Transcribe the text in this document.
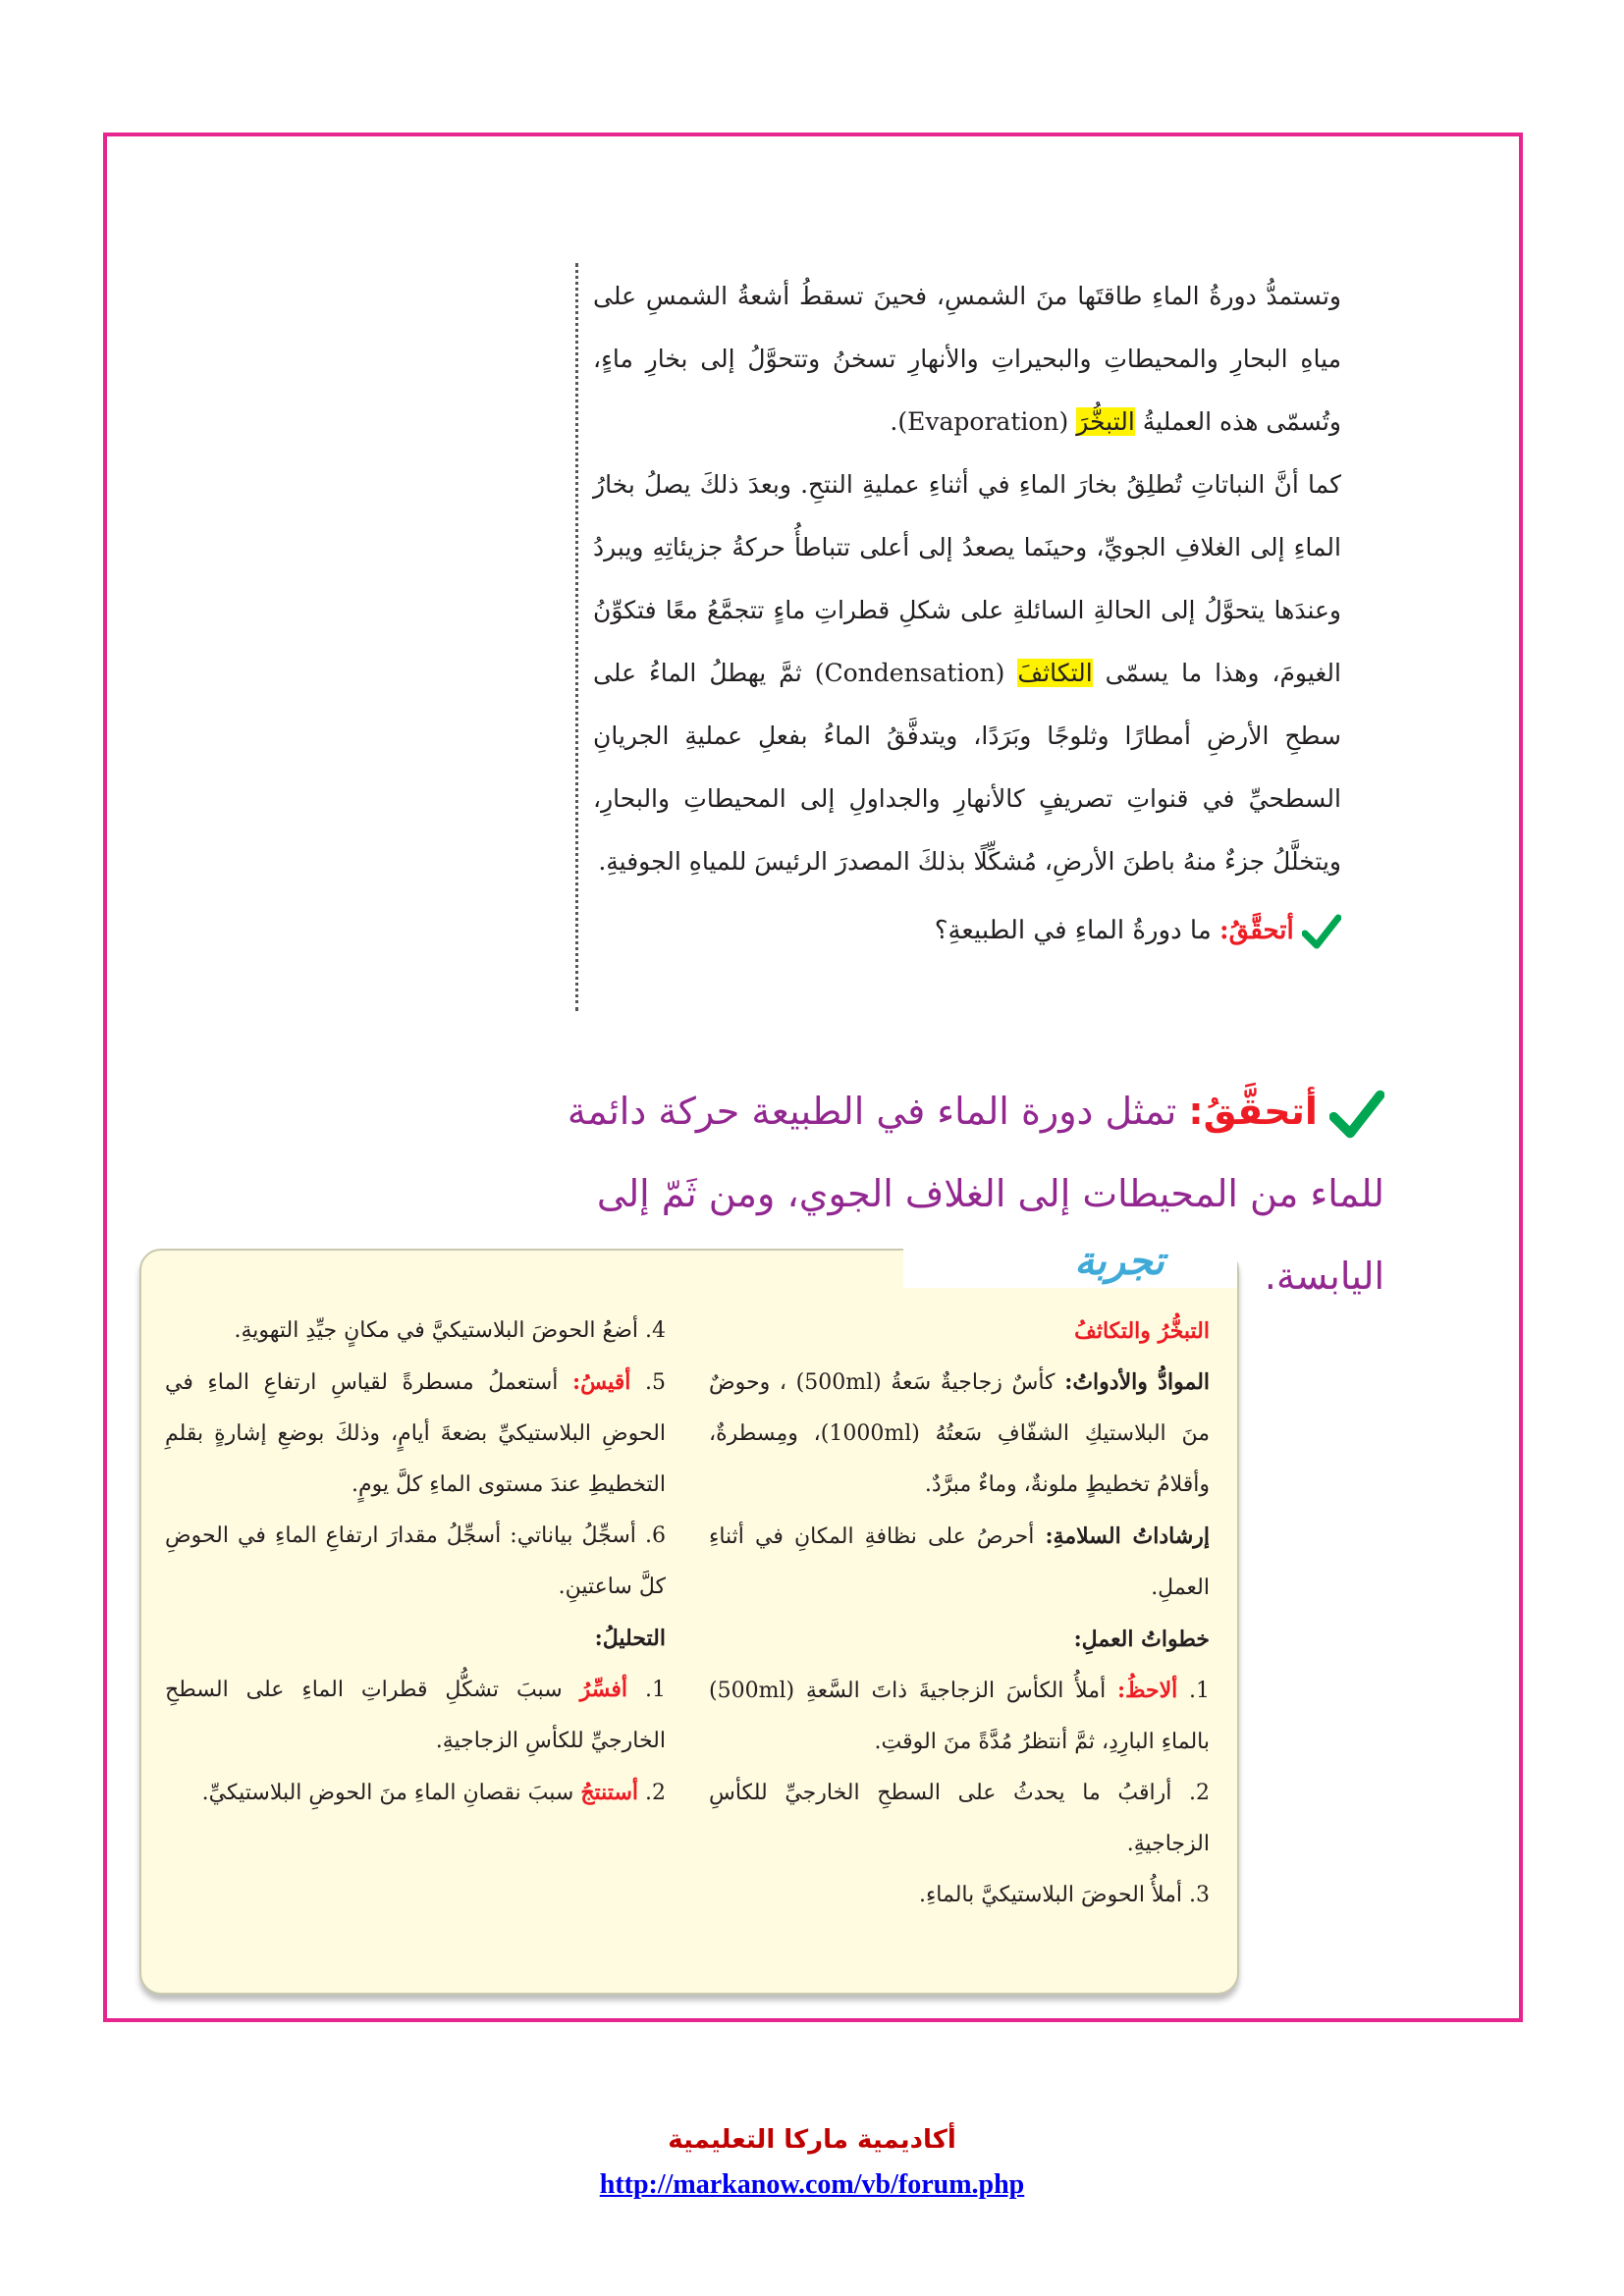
وتستمدُّ دورةُ الماءِ طاقتَها منَ الشمسِ، فحينَ تسقطُ أشعةُ الشمسِ على مياهِ البحارِ والمحيطاتِ والبحيراتِ والأنهارِ تسخنُ وتتحوَّلُ إلى بخارِ ماءٍ، وتُسمّى هذه العمليةُ التبخُّرَ (Evaporation).

كما أنَّ النباتاتِ تُطلِقُ بخارَ الماءِ في أثناءِ عمليةِ النتحِ. وبعدَ ذلكَ يصلُ بخارُ الماءِ إلى الغلافِ الجويِّ، وحينَما يصعدُ إلى أعلى تتباطأُ حركةُ جزيئاتِهِ ويبردُ وعندَها يتحوَّلُ إلى الحالةِ السائلةِ على شكلِ قطراتِ ماءٍ تتجمَّعُ معًا فتكوِّنُ الغيومَ، وهذا ما يسمّى التكاثفَ (Condensation) ثمَّ يهطلُ الماءُ على سطحِ الأرضِ أمطارًا وثلوجًا وبَرَدًا، ويتدفَّقُ الماءُ بفعلِ عمليةِ الجريانِ السطحيِّ في قنواتِ تصريفٍ كالأنهارِ والجداولِ إلى المحيطاتِ والبحارِ، ويتخلَّلُ جزءٌ منهُ باطنَ الأرضِ، مُشكِّلًا بذلكَ المصدرَ الرئيسَ للمياهِ الجوفيةِ.

أتحقَّقُ: ما دورةُ الماءِ في الطبيعةِ؟
أتحقَّقُ: تمثل دورة الماء في الطبيعة حركة دائمة للماء من المحيطات إلى الغلاف الجوي، ومن ثَمّ إلى اليابسة.
تجربة

التبخُّرُ والتكاثفُ

الموادُّ والأدواتُ: كأسٌ زجاجيةٌ سَعةُ (500ml) ، وحوضٌ منَ البلاستيكِ الشفّافِ سَعتُهُ (1000ml)، ومِسطرةٌ، وأقلامُ تخطيطٍ ملونةٌ، وماءٌ مبرَّدٌ.

إرشاداتُ السلامةِ: أحرصُ على نظافةِ المكانِ في أثناءِ العملِ.

خطواتُ العملِ:

1. ألاحظُ: أملأُ الكأسَ الزجاجيةَ ذاتَ السَّعةِ (500ml) بالماءِ البارِدِ، ثمَّ أنتظرُ مُدَّةً منَ الوقتِ.

2. أراقبُ ما يحدثُ على السطحِ الخارجيِّ للكأسِ الزجاجيةِ.

3. أملأُ الحوضَ البلاستيكيَّ بالماءِ.

4. أضعُ الحوضَ البلاستيكيَّ في مكانٍ جيِّدِ التهويةِ.

5. أقيسُ: أستعملُ مسطرةً لقياسِ ارتفاعِ الماءِ في الحوضِ البلاستيكيِّ بضعةَ أيامٍ، وذلكَ بوضعِ إشارةٍ بقلمِ التخطيطِ عندَ مستوى الماءِ كلَّ يومٍ.

6. أسجِّلُ بياناتي: أسجِّلُ مقدارَ ارتفاعِ الماءِ في الحوضِ كلَّ ساعتينِ.

التحليلُ:

1. أفسِّرُ سببَ تشكُّلِ قطراتِ الماءِ على السطحِ الخارجيِّ للكأسِ الزجاجيةِ.

2. أستنتجُ سببَ نقصانِ الماءِ منَ الحوضِ البلاستيكيِّ.

أكاديمية ماركا التعليمية
http://markanow.com/vb/forum.php
